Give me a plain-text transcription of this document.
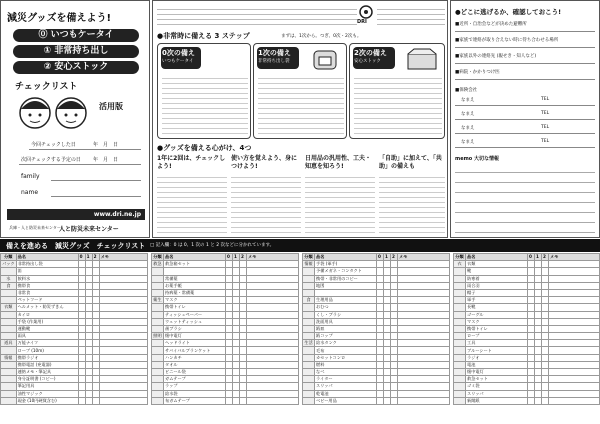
減災グッズを備えよう!
⓪ いつもケータイ
① 非常持ち出し
② 安心ストック
チェックリスト
活用版
今回チェックした日	年　月　日
次回チェックする予定の日 年　月　日
family
name
www.dri.ne.jp
兵庫・人と防災未来センター
人と防災未来センター
DRI
●非常時に備える 3 ステップ	まずは、1次から。つぎ、0次・2次も。
0次の備え
いつもケータイ
1次の備え
非常持ち出し袋
2次の備え
安心ストック
●グッズを備える心がけ、4つ
1年に2回は、チェックしよう!
使い方を覚えよう、身につけよう!
日用品の汎用性、工夫・知恵を知ろう!
「自助」に加えて、「共助」の備えも
●どこに逃げるか、確認しておこう!
■近所・自治会などが決めた避難所
■家族で連絡が取り合えない時に待ち合わせる場所
■家族以外の連絡先 (親せき・知人など)
■病院・かかりつけ医
■保険会社
なまえ	TEL
なまえ	TEL
なまえ	TEL
なまえ	TEL
memo 大切な情報
備えを進める　減災グッズ　チェックリスト □ 記入欄：0 は 0、1 次の 1 と 2 次などに分かれています。
分類	品名	0	1	2	メモ
パック	非常持出し袋				
	笛				
水	飲料水				
食	携帯食				
	非常食				
	ペットフード				
衣類	ヘルメット・防災ずきん				
	カイロ				
	手袋 (作業用)				
	運動靴				
	雨具				
道具	万能ナイフ				
	ロープ (10m)				
情報	携帯ラジオ				
	携帯電話 (充電器)				
	連絡メモ・筆記具				
	身分証明書 (コピー)				
	筆記用具				
	油性マジック				
	現金 (10円硬貨含む)				
分類	品名	0	1	2	メモ
救急	救急箱セット				

	常備薬				
	お薬手帳				
	持病薬・常備薬				
衛生	マスク				
	携帯トイレ				
	ティッシュペーパー				
	ウェットティッシュ				
	歯ブラシ				
照明	懐中電灯				
	ヘッドライト				
	サバイバルブランケット				
	ハンカチ				
	タオル				
	ビニール袋				
	ガムテープ				
	ラップ				
	給水袋				
	布ガムテープ				
分類	品名	0	1	2	メモ
情報	手袋 (軍手)				
	予備メガネ・コンタクト				
	携帯・非常用のコピー				
	地図				

食	生理用品				
	おむつ				
	くし・ブラシ				
	洗面用具				
	紙皿				
	紙コップ				
生活	給水タンク				
	毛布				
	カセットコンロ				
	燃料				
	なべ				
	ライター				
	スリッパ				
	乾電池				
	ベビー用品				
分類	品名	0	1	2	メモ
衣	衣類				
	靴				
	防寒着				
	雨合羽				
	帽子				
	軍手				
	長靴				
	ゴーグル				
	マスク				
	携帯トイレ				
	ロープ				
	工具				
	ブルーシート				
	ラジオ				
	電池				
	懐中電灯				
	救急セット				
	ゴミ袋				
	スリッパ				
	新聞紙				
